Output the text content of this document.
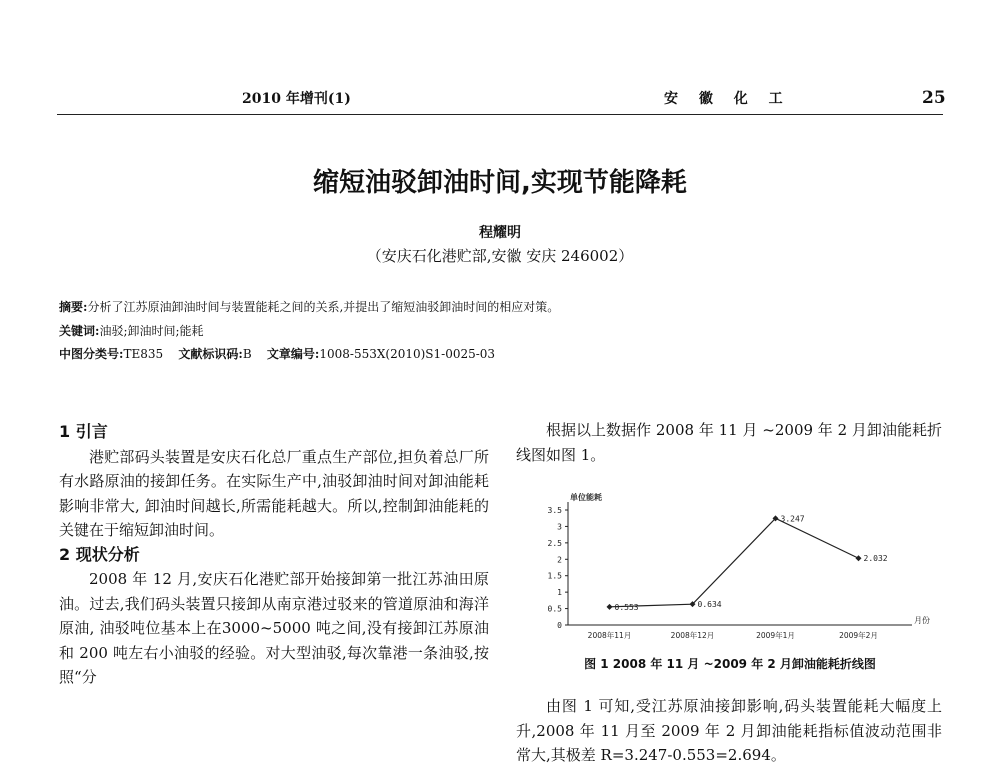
2010 年增刊(1)	安 徽 化 工	25
缩短油驳卸油时间,实现节能降耗
程耀明
（安庆石化港贮部,安徽 安庆 246002）
摘要:分析了江苏原油卸油时间与装置能耗之间的关系,并提出了缩短油驳卸油时间的相应对策。
关键词:油驳;卸油时间;能耗
中图分类号:TE835 文献标识码:B 文章编号:1008-553X(2010)S1-0025-03

1 引言

港贮部码头装置是安庆石化总厂重点生产部位,担负着总厂所有水路原油的接卸任务。在实际生产中,油驳卸油时间对卸油能耗影响非常大, 卸油时间越长,所需能耗越大。所以,控制卸油能耗的关键在于缩短卸油时间。

2 现状分析

2008 年 12 月,安庆石化港贮部开始接卸第一批江苏油田原油。过去,我们码头装置只接卸从南京港过驳来的管道原油和海洋原油, 油驳吨位基本上在3000~5000 吨之间,没有接卸江苏原油和 200 吨左右小油驳的经验。对大型油驳,每次靠港一条油驳,按照“分

根据以上数据作 2008 年 11 月 ~2009 年 2 月卸油能耗折线图如图 1。

0
0.5
1
1.5
2
2.5
3
3.5
单位能耗
月份
2008年11月	2008年12月	2009年1月	2009年2月
0.553	0.634
3.247
2.032
图 1 2008 年 11 月 ~2009 年 2 月卸油能耗折线图

由图 1 可知,受江苏原油接卸影响,码头装置能耗大幅度上升,2008 年 11 月至 2009 年 2 月卸油能耗指标值波动范围非常大,其极差 R=3.247-0.553=2.694。
